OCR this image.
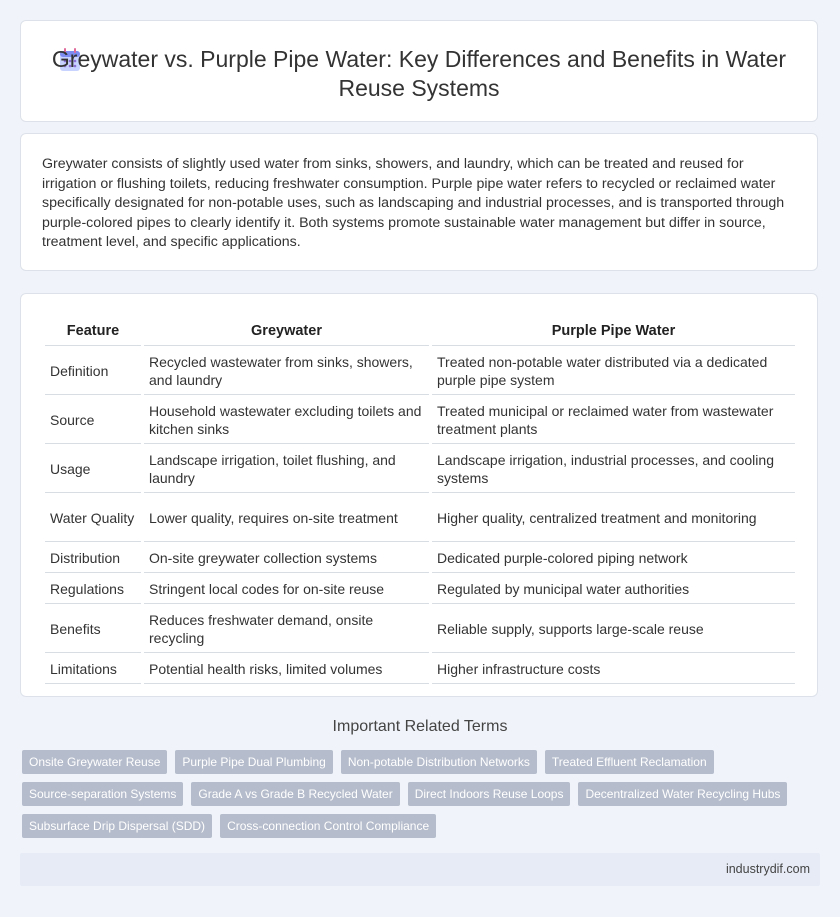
Greywater vs. Purple Pipe Water: Key Differences and Benefits in Water Reuse Systems
Greywater consists of slightly used water from sinks, showers, and laundry, which can be treated and reused for irrigation or flushing toilets, reducing freshwater consumption. Purple pipe water refers to recycled or reclaimed water specifically designated for non-potable uses, such as landscaping and industrial processes, and is transported through purple-colored pipes to clearly identify it. Both systems promote sustainable water management but differ in source, treatment level, and specific applications.
Feature	Greywater	Purple Pipe Water
Definition	Recycled wastewater from sinks, showers, and laundry	Treated non-potable water distributed via a dedicated purple pipe system
Source	Household wastewater excluding toilets and kitchen sinks	Treated municipal or reclaimed water from wastewater treatment plants
Usage	Landscape irrigation, toilet flushing, and laundry	Landscape irrigation, industrial processes, and cooling systems
Water Quality	Lower quality, requires on-site treatment	Higher quality, centralized treatment and monitoring
Distribution	On-site greywater collection systems	Dedicated purple-colored piping network
Regulations	Stringent local codes for on-site reuse	Regulated by municipal water authorities
Benefits	Reduces freshwater demand, onsite recycling	Reliable supply, supports large-scale reuse
Limitations	Potential health risks, limited volumes	Higher infrastructure costs
Important Related Terms
Onsite Greywater Reuse	Purple Pipe Dual Plumbing	Non-potable Distribution Networks	Treated Effluent Reclamation
Source-separation Systems	Grade A vs Grade B Recycled Water	Direct Indoors Reuse Loops	Decentralized Water Recycling Hubs
Subsurface Drip Dispersal (SDD)	Cross-connection Control Compliance
industrydif.com
